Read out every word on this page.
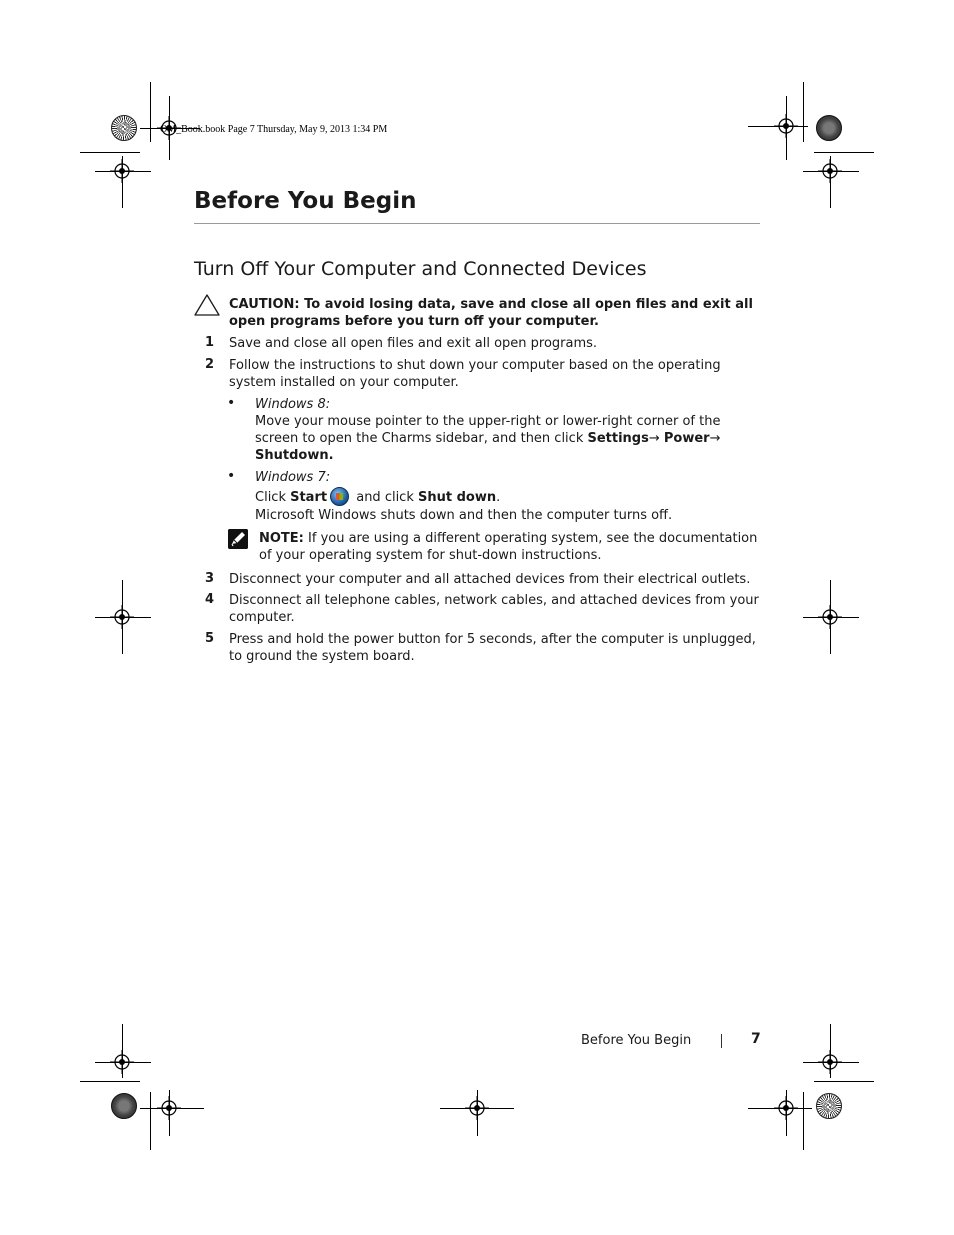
OM_Book.book Page 7 Thursday, May 9, 2013 1:34 PM
Before You Begin
Turn Off Your Computer and Connected Devices
CAUTION: To avoid losing data, save and close all open files and exit all open programs before you turn off your computer.
1 Save and close all open files and exit all open programs.
2 Follow the instructions to shut down your computer based on the operating system installed on your computer.
• Windows 8:
Move your mouse pointer to the upper-right or lower-right corner of the screen to open the Charms sidebar, and then click Settings→ Power→
Shutdown.
• Windows 7:
Click Start and click Shut down.
Microsoft Windows shuts down and then the computer turns off.
NOTE: If you are using a different operating system, see the documentation of your operating system for shut-down instructions.
3 Disconnect your computer and all attached devices from their electrical outlets.
4 Disconnect all telephone cables, network cables, and attached devices from your computer.
5 Press and hold the power button for 5 seconds, after the computer is unplugged, to ground the system board.
Before You Begin	7
